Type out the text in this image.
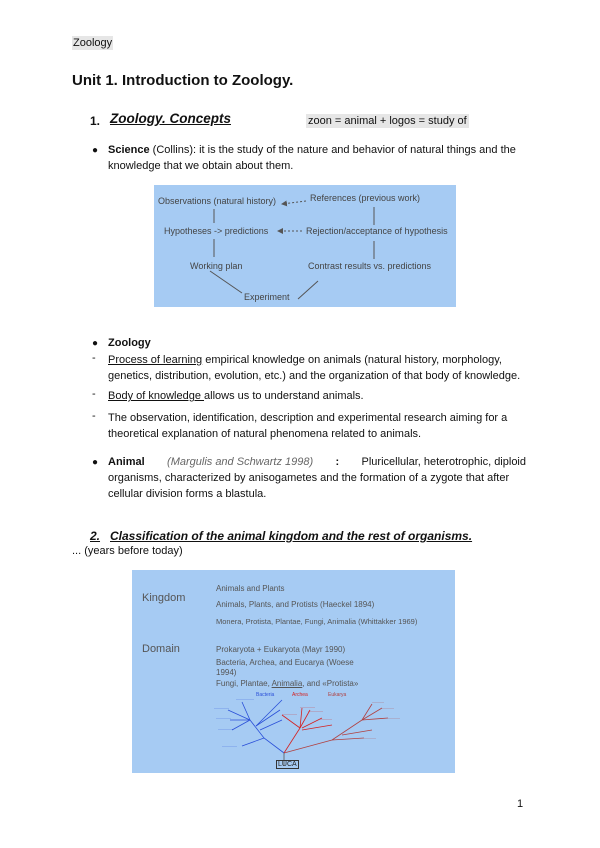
Zoology
Unit 1. Introduction to Zoology.
1. Zoology. Concepts	zoon = animal + logos = study of
● Science (Collins): it is the study of the nature and behavior of natural things and the
knowledge that we obtain about them.
Observations (natural history)	References (previous work)
Hypotheses -> predictions	Rejection/acceptance of hypothesis
Working plan	Contrast results vs. predictions
Experiment
● Zoology
- Process of learning empirical knowledge on animals (natural history, morphology,
genetics, distribution, evolution, etc.) and the organization of that body of knowledge.
- Body of knowledge allows us to understand animals.
- The observation, identification, description and experimental research aiming for a
theoretical explanation of natural phenomena related to animals.
● Animal (Margulis and Schwartz 1998) : Pluricellular, heterotrophic, diploid
organisms, characterized by anisogametes and the formation of a zygote that after
cellular division forms a blastula.
2. Classification of the animal kingdom and the rest of organisms.
... (years before today)
Kingdom
Animals and Plants
Animals, Plants, and Protists (Haeckel 1894)
Monera, Protista, Plantae, Fungi, Animalia (Whittakker 1969)
Domain	Prokaryota + Eukaryota (Mayr 1990)
Bacteria, Archea, and Eucarya (Woese
1994)
Fungi, Plantae, Animalia, and «Protista»
—————
—————
—————
—————
——————
—————
—————
—————
————
————
————
————
————
Bacteria	Archea	Eukarya
LUCA
1
